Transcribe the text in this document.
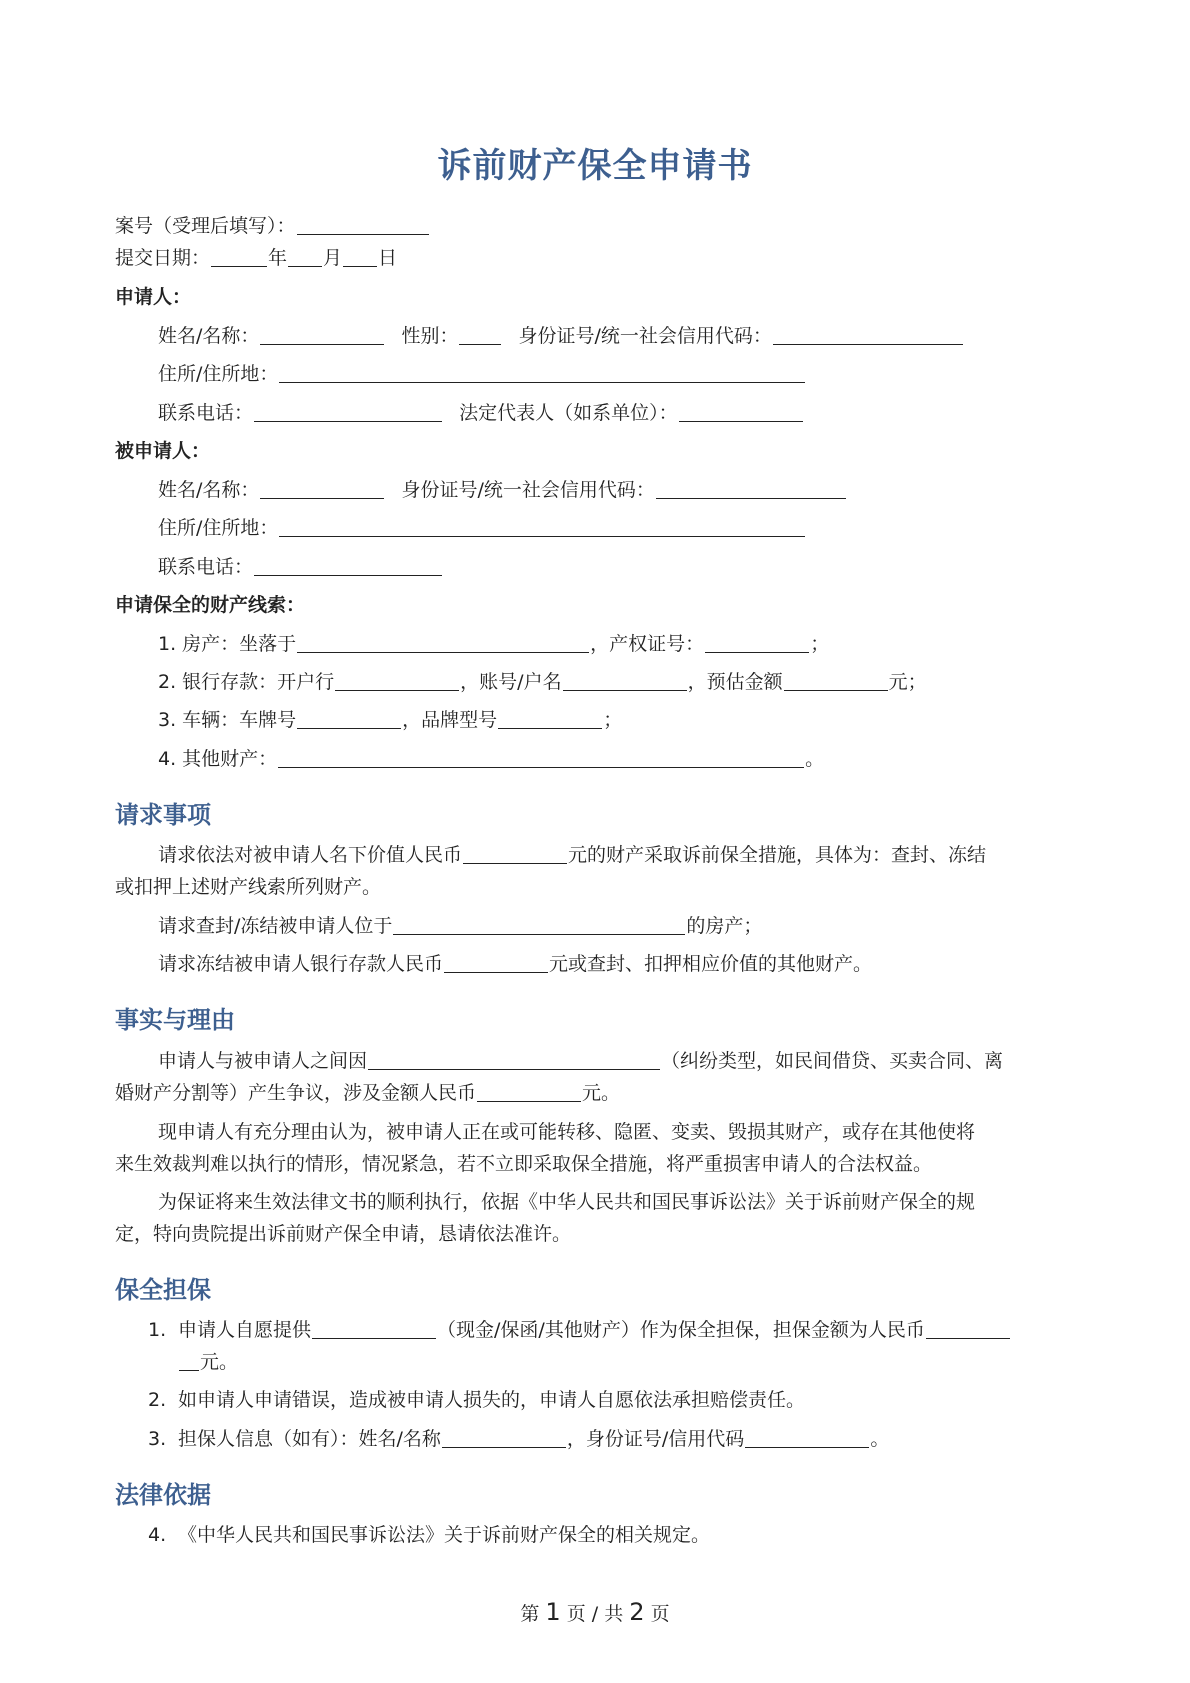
诉前财产保全申请书
案号（受理后填写）：
提交日期：	年 月 日
申请人：
姓名/名称：	性别：	身份证号/统一社会信用代码：
住所/住所地：
联系电话：	法定代表人（如系单位）：
被申请人：
姓名/名称：	身份证号/统一社会信用代码：
住所/住所地：
联系电话：
申请保全的财产线索：
1. 房产：坐落于	，产权证号：	；
2. 银行存款：开户行	，账号/户名	，预估金额	元；
3. 车辆：车牌号	，品牌型号	；
4. 其他财产：	。
请求事项
请求依法对被申请人名下价值人民币	元的财产采取诉前保全措施，具体为：查封、冻结
或扣押上述财产线索所列财产。
请求查封/冻结被申请人位于	的房产；
请求冻结被申请人银行存款人民币	元或查封、扣押相应价值的其他财产。
事实与理由
申请人与被申请人之间因	（纠纷类型，如民间借贷、买卖合同、离
婚财产分割等）产生争议，涉及金额人民币	元。
现申请人有充分理由认为，被申请人正在或可能转移、隐匿、变卖、毁损其财产，或存在其他使将
来生效裁判难以执行的情形，情况紧急，若不立即采取保全措施，将严重损害申请人的合法权益。
为保证将来生效法律文书的顺利执行，依据《中华人民共和国民事诉讼法》关于诉前财产保全的规
定，特向贵院提出诉前财产保全申请，恳请依法准许。
保全担保
1. 申请人自愿提供	（现金/保函/其他财产）作为保全担保，担保金额为人民币
元。
2. 如申请人申请错误，造成被申请人损失的，申请人自愿依法承担赔偿责任。
3. 担保人信息（如有）：姓名/名称	，身份证号/信用代码	。
法律依据
4. 《中华人民共和国民事诉讼法》关于诉前财产保全的相关规定。
第 1 页 / 共 2 页
